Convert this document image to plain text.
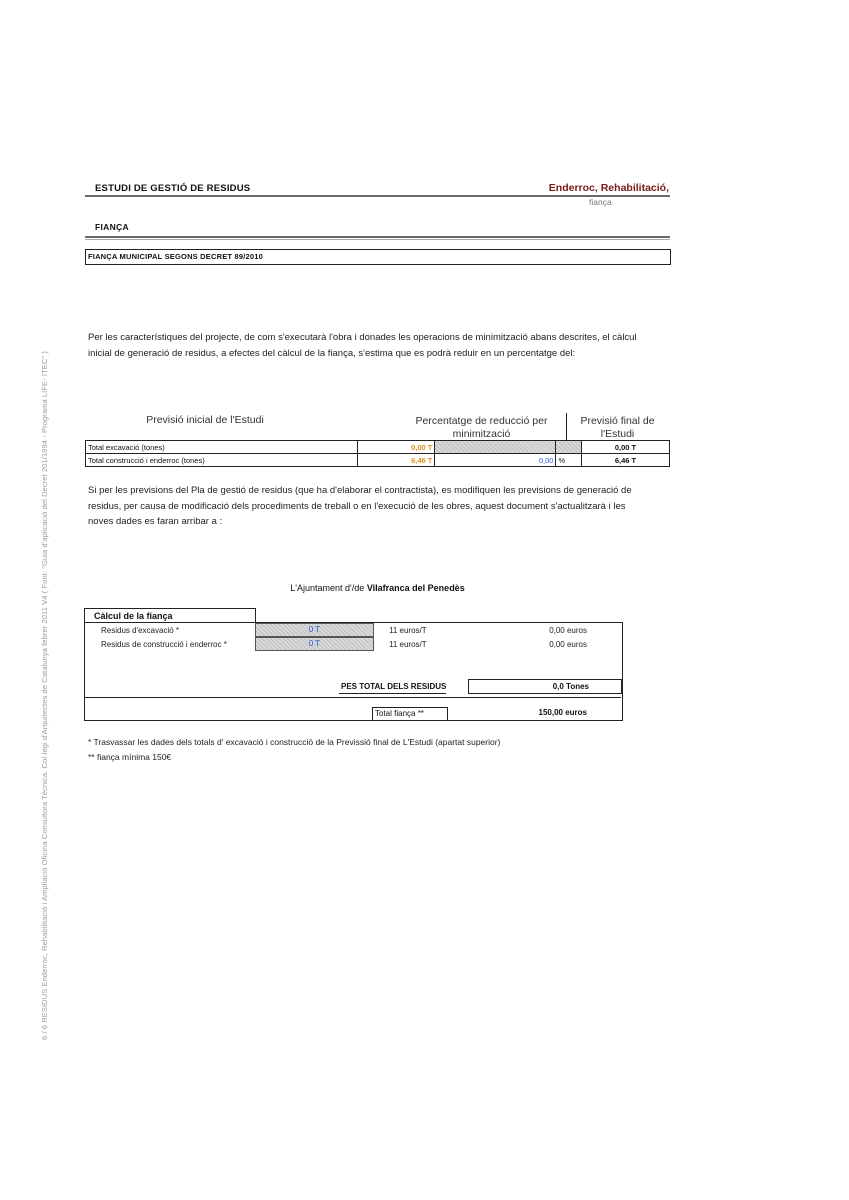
6 / 6 RESIDUS Enderroc, Rehabilitació i Ampliació Oficina Consultora Tècnica. Col·legi d'Arquitectes de Catalunya febrer 2011 V4 ( Font: "Guia d'aplicació del Decret 201/1994 - Programa LIFE- ITEC" )
ESTUDI DE GESTIÓ DE RESIDUS	Enderroc, Rehabilitació,
fiança
FIANÇA
FIANÇA MUNICIPAL SEGONS DECRET 89/2010
Per les característiques del projecte, de com s'executarà l'obra i donades les operacions de minimització abans descrites, el càlcul inicial de generació de residus, a efectes del càlcul de la fiança, s'estima que es podrà reduir en un percentatge del:
Previsió inicial de l'Estudi	Percentatge de reducció per minimització
Previsió final de l'Estudi
Total excavació (tones)	0,00 T			0,00 T
Total construcció i enderroc (tones)	6,46 T	0,00	%	6,46 T
Si per les previsions del Pla de gestió de residus (que ha d'elaborar el contractista), es modifiquen les previsions de generació de residus, per causa de modificació dels procediments de treball o en l'execució de les obres, aquest document s'actualitzarà i les noves dades es faran arribar a :
L'Ajuntament d'/de Vilafranca del Penedès
Càlcul de la fiança
Residus d'excavació *	0 T	11 euros/T	0,00 euros
Residus de construcció i enderroc *	0 T	11 euros/T	0,00 euros
PES TOTAL DELS RESIDUS	0,0 Tones
Total fiança **	150,00 euros
* Trasvassar les dades dels totals d' excavació i construcció de la Previssió final de L'Estudi (apartat superior)
** fiança mínima 150€
